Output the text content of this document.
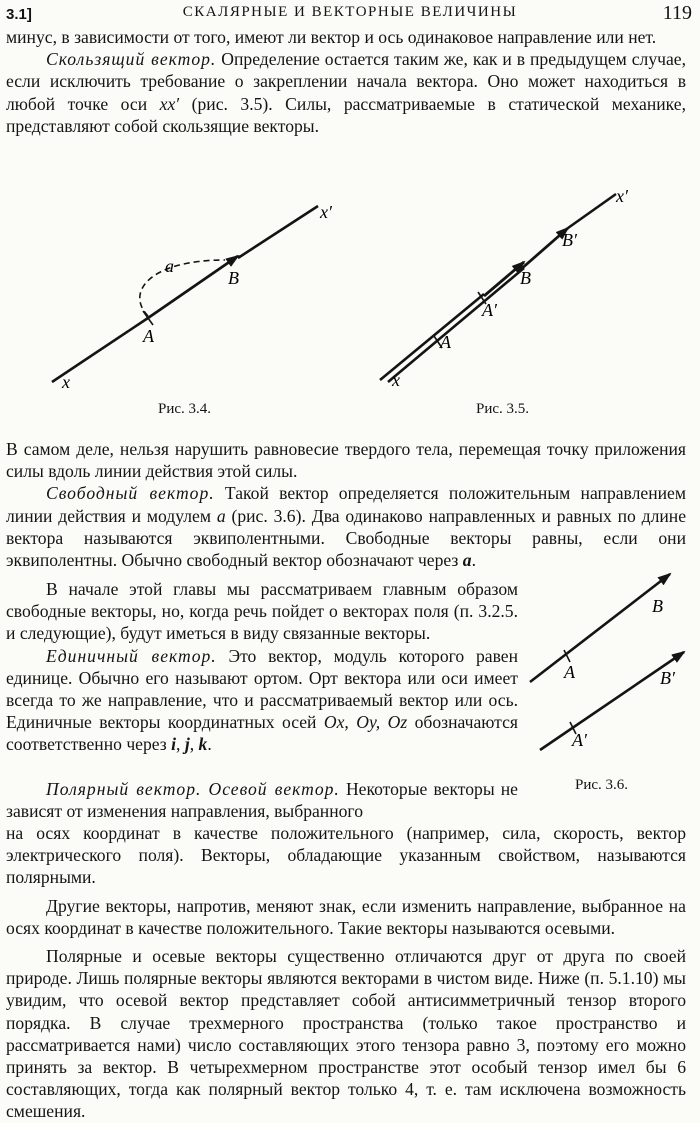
3.1]	СКАЛЯРНЫЕ И ВЕКТОРНЫЕ ВЕЛИЧИНЫ	119

минус, в зависимости от того, имеют ли вектор и ось одинаковое направление или нет.

Скользящий вектор. Определение остается таким же, как и в предыдущем случае, если исключить требование о закреплении начала вектора. Оно может находиться в любой точке оси xx′ (рис. 3.5). Силы, рассматриваемые в статической механике, представляют собой скользящие векторы.

x
x′
a
A
B
x
x′
A
A′
B
B′
Рис. 3.4.	Рис. 3.5.

В самом деле, нельзя нарушить равновесие твердого тела, перемещая точку приложения силы вдоль линии действия этой силы.

Свободный вектор. Такой вектор определяется положительным направлением линии действия и модулем a (рис. 3.6). Два одинаково направленных и равных по длине вектора называются эквиполентными. Свободные векторы равны, если они эквиполентны. Обычно свободный вектор обозначают через a.

В начале этой главы мы рассматриваем главным образом свободные векторы, но, когда речь пойдет о векторах поля (п. 3.2.5. и следующие), будут иметься в виду связанные векторы.

Единичный вектор. Это вектор, модуль которого равен единице. Обычно его называют ортом. Орт вектора или оси имеет всегда то же направление, что и рассматриваемый вектор или ось. Единичные векторы координатных осей Ox, Oy, Oz обозначаются соответственно через i, j, k.

A
B
A′
B′
Рис. 3.6.

Полярный вектор. Осевой вектор. Некоторые векторы не зависят от изменения направления, выбранного

на осях координат в качестве положительного (например, сила, скорость, вектор электрического поля). Векторы, обладающие указанным свойством, называются полярными.

Другие векторы, напротив, меняют знак, если изменить направление, выбранное на осях координат в качестве положительного. Такие векторы называются осевыми.

Полярные и осевые векторы существенно отличаются друг от друга по своей природе. Лишь полярные векторы являются векторами в чистом виде. Ниже (п. 5.1.10) мы увидим, что осевой вектор представляет собой антисимметричный тензор второго порядка. В случае трехмерного пространства (только такое пространство и рассматривается нами) число составляющих этого тензора равно 3, поэтому его можно принять за вектор. В четырехмерном пространстве этот особый тензор имел бы 6 составляющих, тогда как полярный вектор только 4, т. е. там исключена возможность смешения.
